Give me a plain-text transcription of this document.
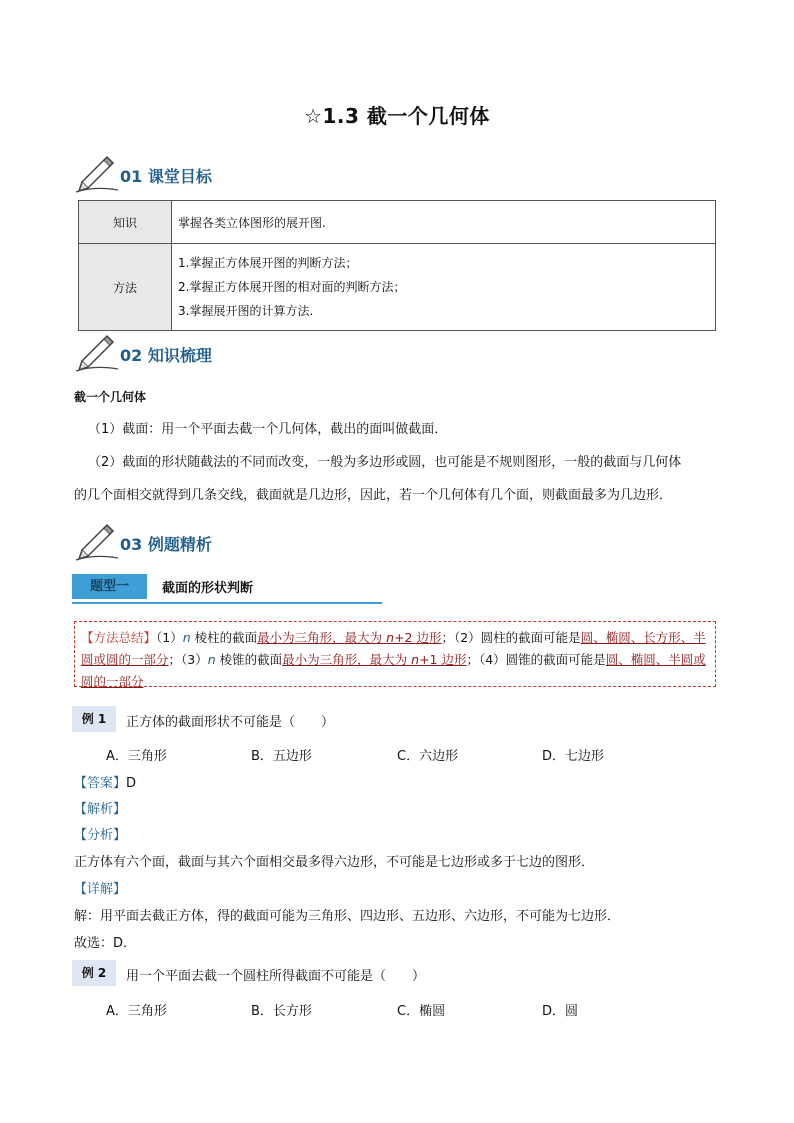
☆1.3 截一个几何体
01 课堂目标
知识	掌握各类立体图形的展开图.
方法	1.掌握正方体展开图的判断方法；
2.掌握正方体展开图的相对面的判断方法；
3.掌握展开图的计算方法.
02 知识梳理
截一个几何体
（1）截面：用一个平面去截一个几何体，截出的面叫做截面．
（2）截面的形状随截法的不同而改变，一般为多边形或圆，也可能是不规则图形，一般的截面与几何体
的几个面相交就得到几条交线，截面就是几边形，因此，若一个几何体有几个面，则截面最多为几边形．
03 例题精析
题型一	截面的形状判断
【方法总结】（1）n 棱柱的截面最小为三角形，最大为 n+2 边形；（2）圆柱的截面可能是圆、椭圆、长方形、半圆或圆的一部分；（3）n 棱锥的截面最小为三角形，最大为 n+1 边形；（4）圆锥的截面可能是圆、椭圆、半圆或圆的一部分
例 1	正方体的截面形状不可能是（　　）
A．三角形	B．五边形	C．六边形	D．七边形
【答案】D
【解析】
【分析】
正方体有六个面，截面与其六个面相交最多得六边形，不可能是七边形或多于七边的图形．
【详解】
解：用平面去截正方体，得的截面可能为三角形、四边形、五边形、六边形，不可能为七边形．
故选：D．
例 2	用一个平面去截一个圆柱所得截面不可能是（　　）
A．三角形	B．长方形	C．椭圆	D．圆
